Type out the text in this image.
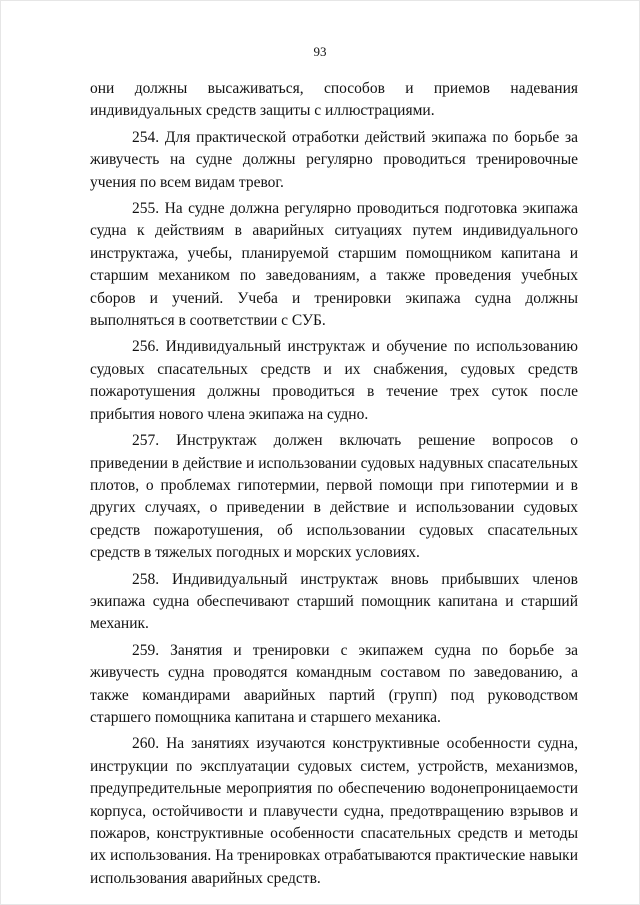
93

они должны высаживаться, способов и приемов надевания индивидуальных средств защиты с иллюстрациями.

254. Для практической отработки действий экипажа по борьбе за живучесть на судне должны регулярно проводиться тренировочные учения по всем видам тревог.

255. На судне должна регулярно проводиться подготовка экипажа судна к действиям в аварийных ситуациях путем индивидуального инструктажа, учебы, планируемой старшим помощником капитана и старшим механиком по заведованиям, а также проведения учебных сборов и учений. Учеба и тренировки экипажа судна должны выполняться в соответствии с СУБ.

256. Индивидуальный инструктаж и обучение по использованию судовых спасательных средств и их снабжения, судовых средств пожаротушения должны проводиться в течение трех суток после прибытия нового члена экипажа на судно.

257. Инструктаж должен включать решение вопросов о приведении в действие и использовании судовых надувных спасательных плотов, о проблемах гипотермии, первой помощи при гипотермии и в других случаях, о приведении в действие и использовании судовых средств пожаротушения, об использовании судовых спасательных средств в тяжелых погодных и морских условиях.

258. Индивидуальный инструктаж вновь прибывших членов экипажа судна обеспечивают старший помощник капитана и старший механик.

259. Занятия и тренировки с экипажем судна по борьбе за живучесть судна проводятся командным составом по заведованию, а также командирами аварийных партий (групп) под руководством старшего помощника капитана и старшего механика.

260. На занятиях изучаются конструктивные особенности судна, инструкции по эксплуатации судовых систем, устройств, механизмов, предупредительные мероприятия по обеспечению водонепроницаемости корпуса, остойчивости и плавучести судна, предотвращению взрывов и пожаров, конструктивные особенности спасательных средств и методы их использования. На тренировках отрабатываются практические навыки использования аварийных средств.
